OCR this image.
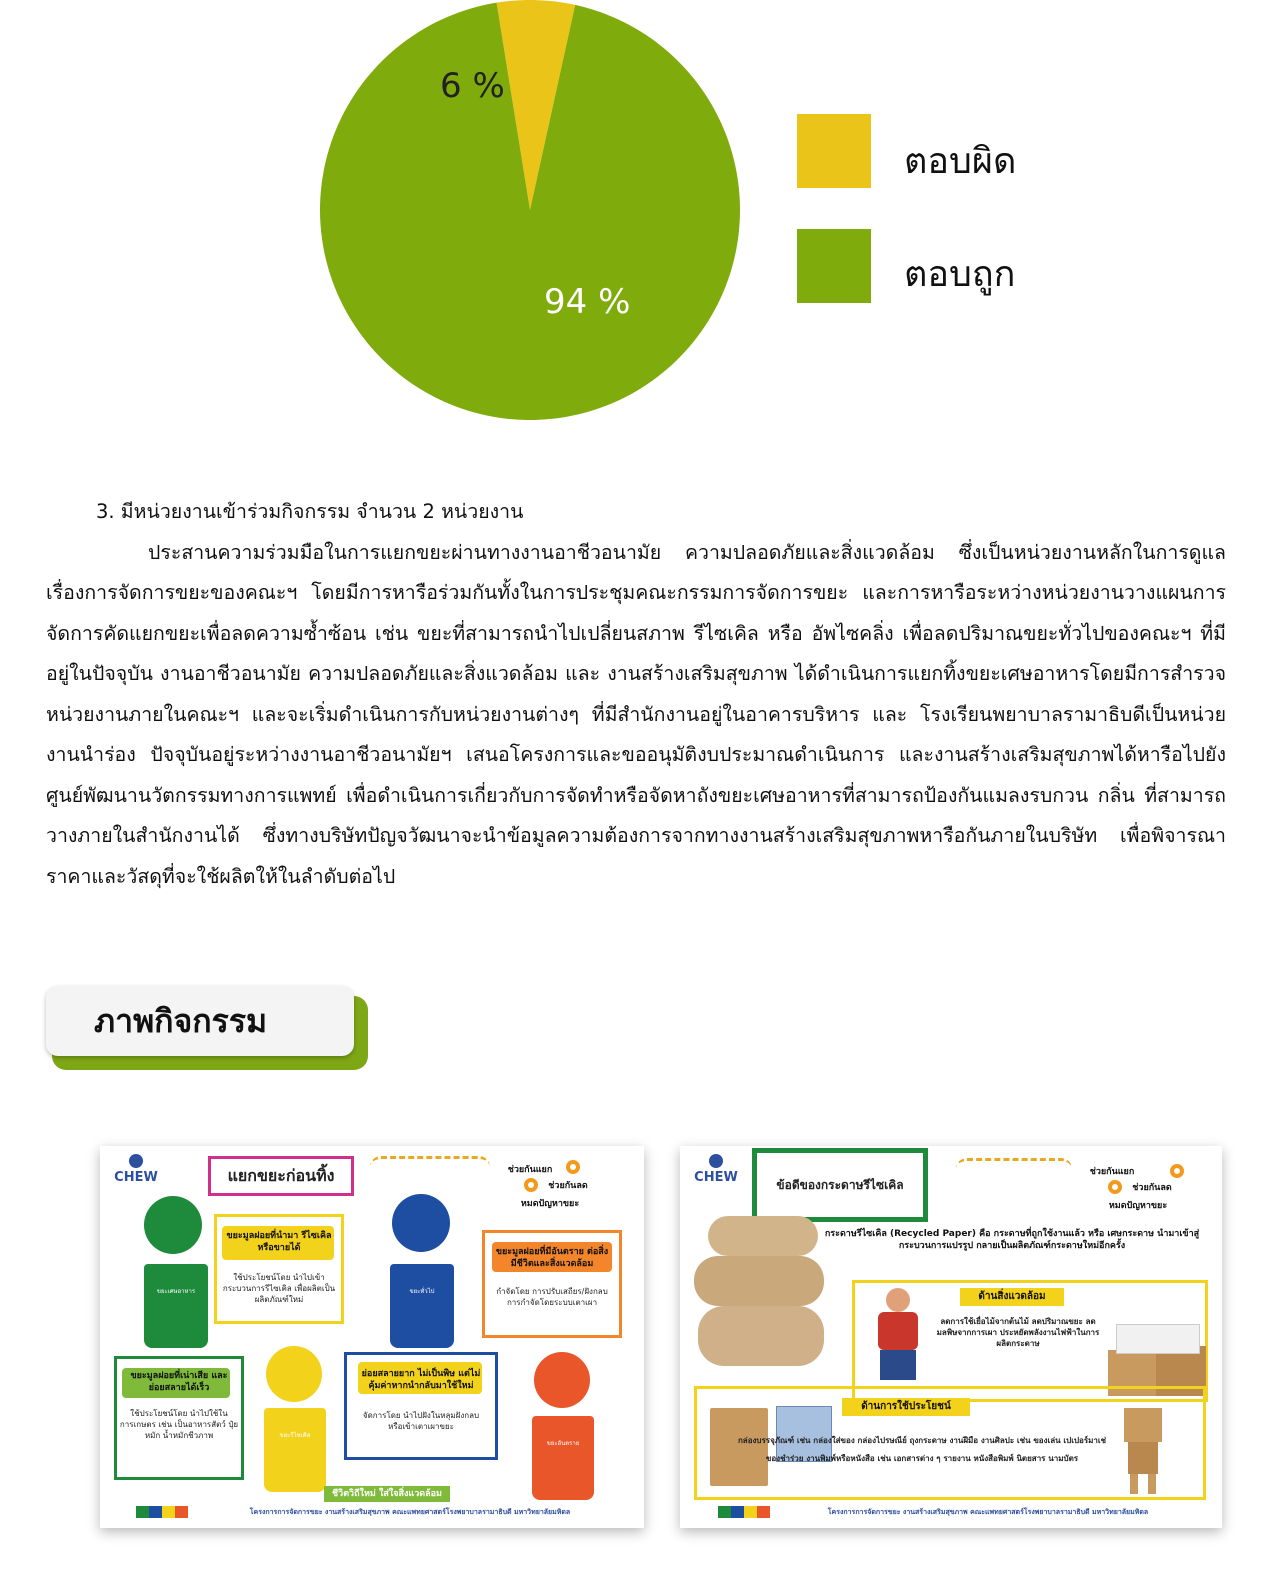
6 %
94 %
ตอบผิด
ตอบถูก

3. มีหน่วยงานเข้าร่วมกิจกรรม จำนวน 2 หน่วยงาน

ประสานความร่วมมือในการแยกขยะผ่านทางงานอาชีวอนามัย ความปลอดภัยและสิ่งแวดล้อม ซึ่งเป็นหน่วยงานหลักในการดูแลเรื่องการจัดการขยะของคณะฯ โดยมีการหารือร่วมกันทั้งในการประชุมคณะกรรมการจัดการขยะ และการหารือระหว่างหน่วยงานวางแผนการจัดการคัดแยกขยะเพื่อลดความซ้ำซ้อน เช่น ขยะที่สามารถนำไปเปลี่ยนสภาพ รีไซเคิล หรือ อัพไซคลิ่ง เพื่อลดปริมาณขยะทั่วไปของคณะฯ ที่มีอยู่ในปัจจุบัน งานอาชีวอนามัย ความปลอดภัยและสิ่งแวดล้อม และ งานสร้างเสริมสุขภาพ ได้ดำเนินการแยกทิ้งขยะเศษอาหารโดยมีการสำรวจหน่วยงานภายในคณะฯ และจะเริ่มดำเนินการกับหน่วยงานต่างๆ ที่มีสำนักงานอยู่ในอาคารบริหาร และ โรงเรียนพยาบาลรามาธิบดีเป็นหน่วยงานนำร่อง ปัจจุบันอยู่ระหว่างงานอาชีวอนามัยฯ เสนอโครงการและขออนุมัติงบประมาณดำเนินการ และงานสร้างเสริมสุขภาพได้หารือไปยังศูนย์พัฒนานวัตกรรมทางการแพทย์ เพื่อดำเนินการเกี่ยวกับการจัดทำหรือจัดหาถังขยะเศษอาหารที่สามารถป้องกันแมลงรบกวน กลิ่น ที่สามารถวางภายในสำนักงานได้ ซึ่งทางบริษัทปัญจวัฒนาจะนำข้อมูลความต้องการจากทางงานสร้างเสริมสุขภาพหารือกันภายในบริษัท เพื่อพิจารณาราคาและวัสดุที่จะใช้ผลิตให้ในลำดับต่อไป

ภาพกิจกรรม
CHEW	แยกขยะก่อนทิ้ง	ช่วยกันแยก
ช่วยกันลด
หมดปัญหาขยะ
ขยะเศษอาหาร
ขยะมูลฝอยที่นำมา รีไซเคิลหรือขายได้
ใช้ประโยชน์โดย นำไปเข้ากระบวนการรีไซเคิล เพื่อผลิตเป็นผลิตภัณฑ์ใหม่
ขยะทั่วไป
ขยะมูลฝอยที่มีอันตราย ต่อสิ่งมีชีวิตและสิ่งแวดล้อม
กำจัดโดย การปรับเสถียร/ฝังกลบ การกำจัดโดยระบบเตาเผา
ขยะมูลฝอยที่เน่าเสีย และย่อยสลายได้เร็ว
ใช้ประโยชน์โดย นำไปใช้ในการเกษตร เช่น เป็นอาหารสัตว์ ปุ๋ยหมัก น้ำหมักชีวภาพ	ขยะรีไซเคิล
ย่อยสลายยาก ไม่เป็นพิษ แต่ไม่คุ้มค่าหากนำกลับมาใช้ใหม่
จัดการโดย นำไปฝังในหลุมฝังกลบ หรือเข้าเตาเผาขยะ
ขยะอันตราย
ชีวิตวิถีใหม่ ใส่ใจสิ่งแวดล้อม
โครงการการจัดการขยะ งานสร้างเสริมสุขภาพ คณะแพทยศาสตร์โรงพยาบาลรามาธิบดี มหาวิทยาลัยมหิดล
CHEW	ข้อดีของกระดาษรีไซเคิล
ช่วยกันแยก
ช่วยกันลด
หมดปัญหาขยะ
กระดาษรีไซเคิล (Recycled Paper) คือ กระดาษที่ถูกใช้งานแล้ว หรือ เศษกระดาษ นำมาเข้าสู่กระบวนการแปรรูป กลายเป็นผลิตภัณฑ์กระดาษใหม่อีกครั้ง
ด้านสิ่งแวดล้อม
ลดการใช้เยื่อไม้จากต้นไม้ ลดปริมาณขยะ ลดมลพิษจากการเผา ประหยัดพลังงานไฟฟ้าในการผลิตกระดาษ
ด้านการใช้ประโยชน์
กล่องบรรจุภัณฑ์ เช่น กล่องใส่ของ กล่องไปรษณีย์ ถุงกระดาษ งานฝีมือ งานศิลปะ เช่น ของเล่น เปเปอร์มาเช่ ของชำร่วย งานพิมพ์หรือหนังสือ เช่น เอกสารต่าง ๆ รายงาน หนังสือพิมพ์ นิตยสาร นามบัตร
โครงการการจัดการขยะ งานสร้างเสริมสุขภาพ คณะแพทยศาสตร์โรงพยาบาลรามาธิบดี มหาวิทยาลัยมหิดล
